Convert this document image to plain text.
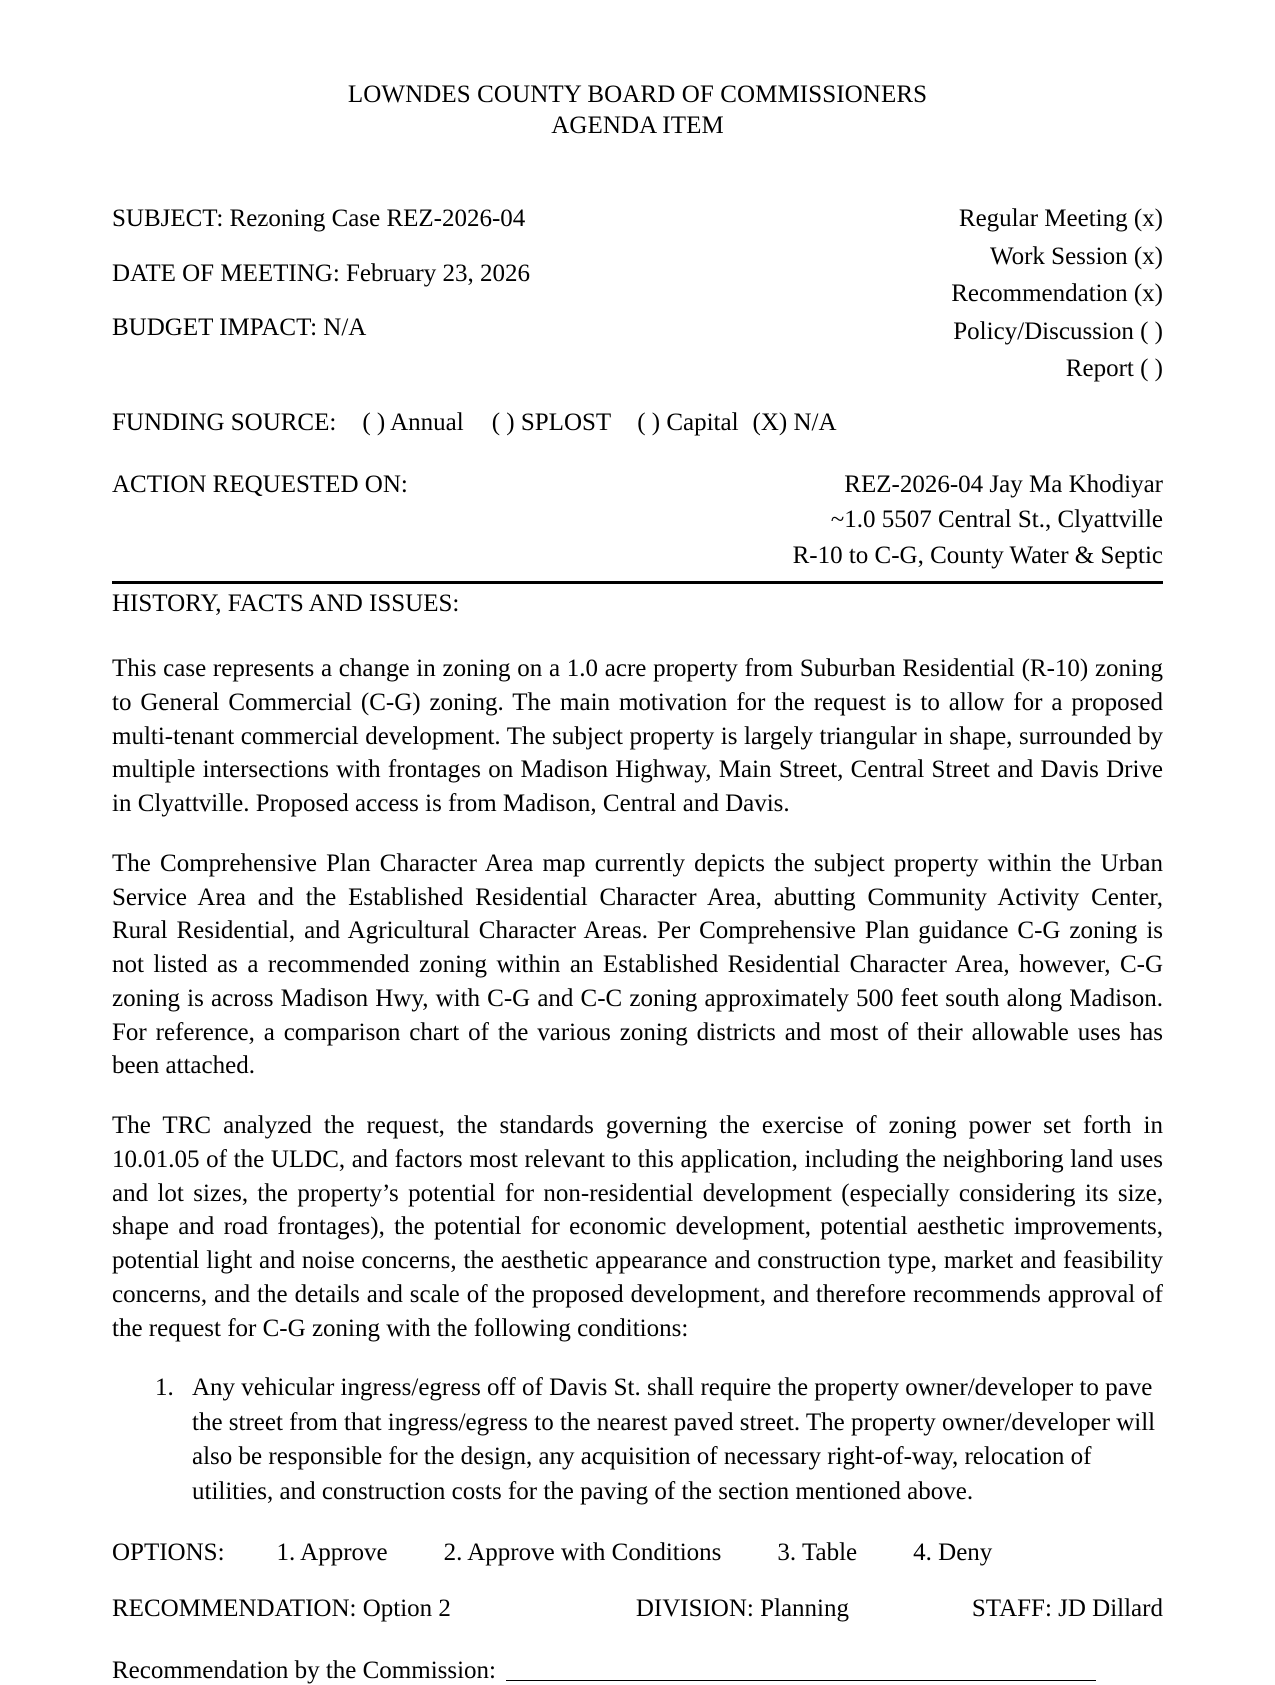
LOWNDES COUNTY BOARD OF COMMISSIONERS
AGENDA ITEM
SUBJECT: Rezoning Case REZ-2026-04
DATE OF MEETING: February 23, 2026
BUDGET IMPACT: N/A
Regular Meeting (x)
Work Session (x)
Recommendation (x)
Policy/Discussion ( )
Report ( )
FUNDING SOURCE: ( ) Annual ( ) SPLOST ( ) Capital (X) N/A
ACTION REQUESTED ON:	REZ-2026-04 Jay Ma Khodiyar
~1.0 5507 Central St., Clyattville
R-10 to C-G, County Water & Septic
HISTORY, FACTS AND ISSUES:

This case represents a change in zoning on a 1.0 acre property from Suburban Residential (R-10) zoning to General Commercial (C-G) zoning. The main motivation for the request is to allow for a proposed multi-tenant commercial development. The subject property is largely triangular in shape, surrounded by multiple intersections with frontages on Madison Highway, Main Street, Central Street and Davis Drive in Clyattville. Proposed access is from Madison, Central and Davis.

The Comprehensive Plan Character Area map currently depicts the subject property within the Urban Service Area and the Established Residential Character Area, abutting Community Activity Center, Rural Residential, and Agricultural Character Areas. Per Comprehensive Plan guidance C-G zoning is not listed as a recommended zoning within an Established Residential Character Area, however, C-G zoning is across Madison Hwy, with C-G and C-C zoning approximately 500 feet south along Madison. For reference, a comparison chart of the various zoning districts and most of their allowable uses has been attached.

The TRC analyzed the request, the standards governing the exercise of zoning power set forth in 10.01.05 of the ULDC, and factors most relevant to this application, including the neighboring land uses and lot sizes, the property’s potential for non-residential development (especially considering its size, shape and road frontages), the potential for economic development, potential aesthetic improvements, potential light and noise concerns, the aesthetic appearance and construction type, market and feasibility concerns, and the details and scale of the proposed development, and therefore recommends approval of the request for C-G zoning with the following conditions:

1. Any vehicular ingress/egress off of Davis St. shall require the property owner/developer to pave the street from that ingress/egress to the nearest paved street. The property owner/developer will also be responsible for the design, any acquisition of necessary right-of-way, relocation of utilities, and construction costs for the paving of the section mentioned above.
OPTIONS: 1. Approve 2. Approve with Conditions 3. Table 4. Deny
RECOMMENDATION: Option 2	DIVISION: Planning	STAFF: JD Dillard
Recommendation by the Commission:
